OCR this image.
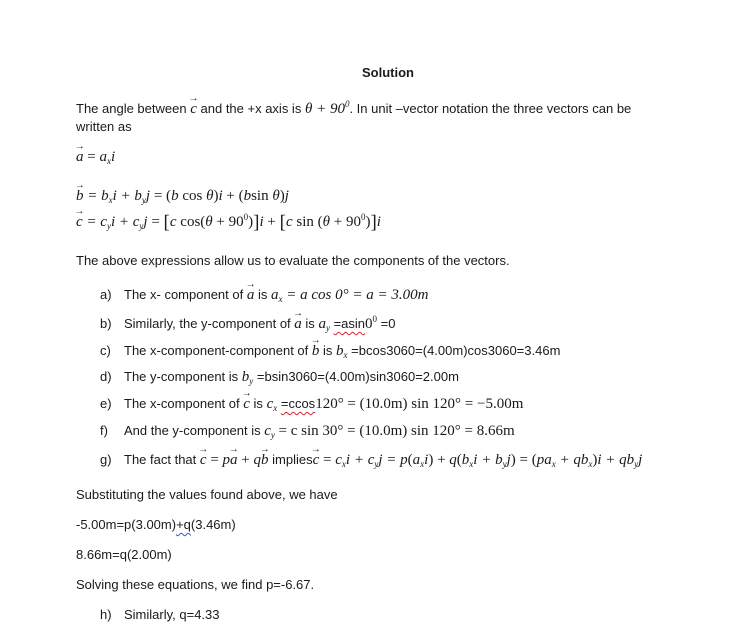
Solution
The angle between → c and the +x axis is $\theta + 90^0$. In unit –vector notation the three vectors can be
written as
→ $a = a_xi$
→ $b = b_xi + b_yj = (b$ cos θ)i + (bsin θ)j
→ $c = c_yi + c_yj = [c$ $\cos(\theta + 90^0)]i + [c$ $\sin (\theta + 90^0)]i$
The above expressions allow us to evaluate the components of the vectors.
a) The x- component of → a is $a_x = a$ cos 0° = a = 3.00m
b) Similarly, the y-component of → a is $a_y =asin0^0 =0$
c) The x-component-component of → b is $b_x =bcos3060=(4.00m)\cos 3060=3.46m$
d) The y-component is $b_y =bsin3060=(4.00m)\sin 3060=2.00m$
e) The x-component of → c is $c_x =ccos120^\circ = (10.0m)$ sin 120° = −5.00m
f) And the y-component is $c_y = c$ sin 30° = (10.0m) sin 120° = 8.66m
g) The fact that → c = p→ a + q→ b implies→ $c = c_xi + c_yj = p(a_xi) + q(b_xi + b_yj) = (pa_x + qb_x)i + qb_yj$
Substituting the values found above, we have
-5.00m=p(3.00m)+q(3.46m)
8.66m=q(2.00m)
Solving these equations, we find p=-6.67.
h) Similarly, q=4.33
